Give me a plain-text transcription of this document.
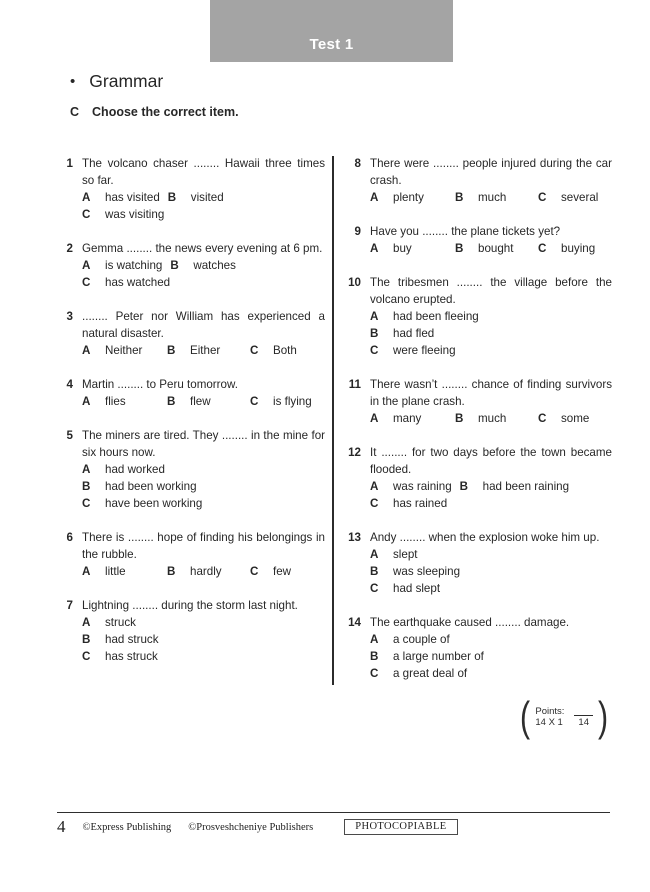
Test 1
• Grammar
C Choose the correct item.
1 The volcano chaser ........ Hawaii three times so far.
A	has visited B	visited
C	was visiting
2 Gemma ........ the news every evening at 6 pm.
A	is watching B	watches
C	has watched
3 ........ Peter nor William has experienced a natural disaster.
A	Neither B	Either	C	Both
4 Martin ........ to Peru tomorrow.
A	flies	B	flew	C	is flying
5 The miners are tired. They ........ in the mine for six hours now.
A	had worked
B	had been working
C	have been working
6 There is ........ hope of finding his belongings in the rubble.
A	little	B	hardly C	few
7 Lightning ........ during the storm last night.
A	struck
B	had struck
C	has struck
8 There were ........ people injured during the car crash.
A	plenty	B	much	C	several
9 Have you ........ the plane tickets yet?
A	buy	B	bought C	buying
10 The tribesmen ........ the village before the volcano erupted.
A	had been fleeing
B	had fled
C	were fleeing
11 There wasn’t ........ chance of finding survivors in the plane crash.
A	many	B	much	C	some
12 It ........ for two days before the town became flooded.
A	was raining B	had been raining
C	has rained
13 Andy ........ when the explosion woke him up.
A	slept
B	was sleeping
C	had slept
14 The earthquake caused ........ damage.
A	a couple of
B	a large number of
C	a great deal of
( Points:
14 X 1	14 )
4 ©Express Publishing ©Prosveshcheniye Publishers	PHOTOCOPIABLE
